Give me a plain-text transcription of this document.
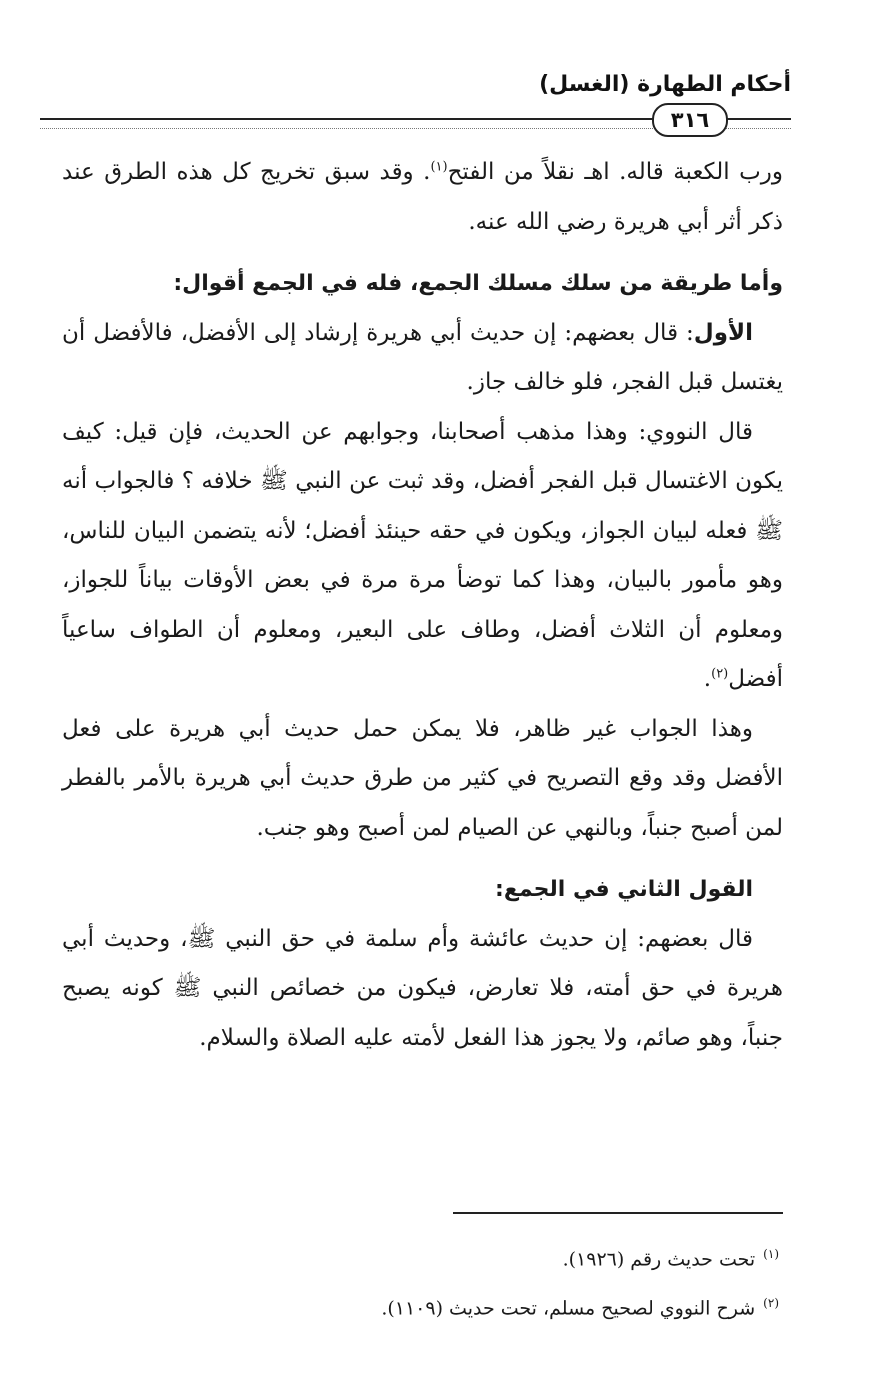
أحكام الطهارة (الغسل)
٣١٦

ورب الكعبة قاله. اهـ نقلاً من الفتح$^{(١)}$. وقد سبق تخريج كل هذه الطرق عند ذكر أثر أبي هريرة رضي الله عنه.

وأما طريقة من سلك مسلك الجمع، فله في الجمع أقوال:

الأول: قال بعضهم: إن حديث أبي هريرة إرشاد إلى الأفضل، فالأفضل أن يغتسل قبل الفجر، فلو خالف جاز.

قال النووي: وهذا مذهب أصحابنا، وجوابهم عن الحديث، فإن قيل: كيف يكون الاغتسال قبل الفجر أفضل، وقد ثبت عن النبي ﷺ خلافه ؟ فالجواب أنه ﷺ فعله لبيان الجواز، ويكون في حقه حينئذ أفضل؛ لأنه يتضمن البيان للناس، وهو مأمور بالبيان، وهذا كما توضأ مرة مرة في بعض الأوقات بياناً للجواز، ومعلوم أن الثلاث أفضل، وطاف على البعير، ومعلوم أن الطواف ساعياً أفضل$^{(٢)}$.

وهذا الجواب غير ظاهر، فلا يمكن حمل حديث أبي هريرة على فعل الأفضل وقد وقع التصريح في كثير من طرق حديث أبي هريرة بالأمر بالفطر لمن أصبح جنباً، وبالنهي عن الصيام لمن أصبح وهو جنب.

القول الثاني في الجمع:

قال بعضهم: إن حديث عائشة وأم سلمة في حق النبي ﷺ، وحديث أبي هريرة في حق أمته، فلا تعارض، فيكون من خصائص النبي ﷺ كونه يصبح جنباً، وهو صائم، ولا يجوز هذا الفعل لأمته عليه الصلاة والسلام.

$^{(١)}$تحت حديث رقم (١٩٢٦).

$^{(٢)}$شرح النووي لصحيح مسلم، تحت حديث (١١٠٩).
